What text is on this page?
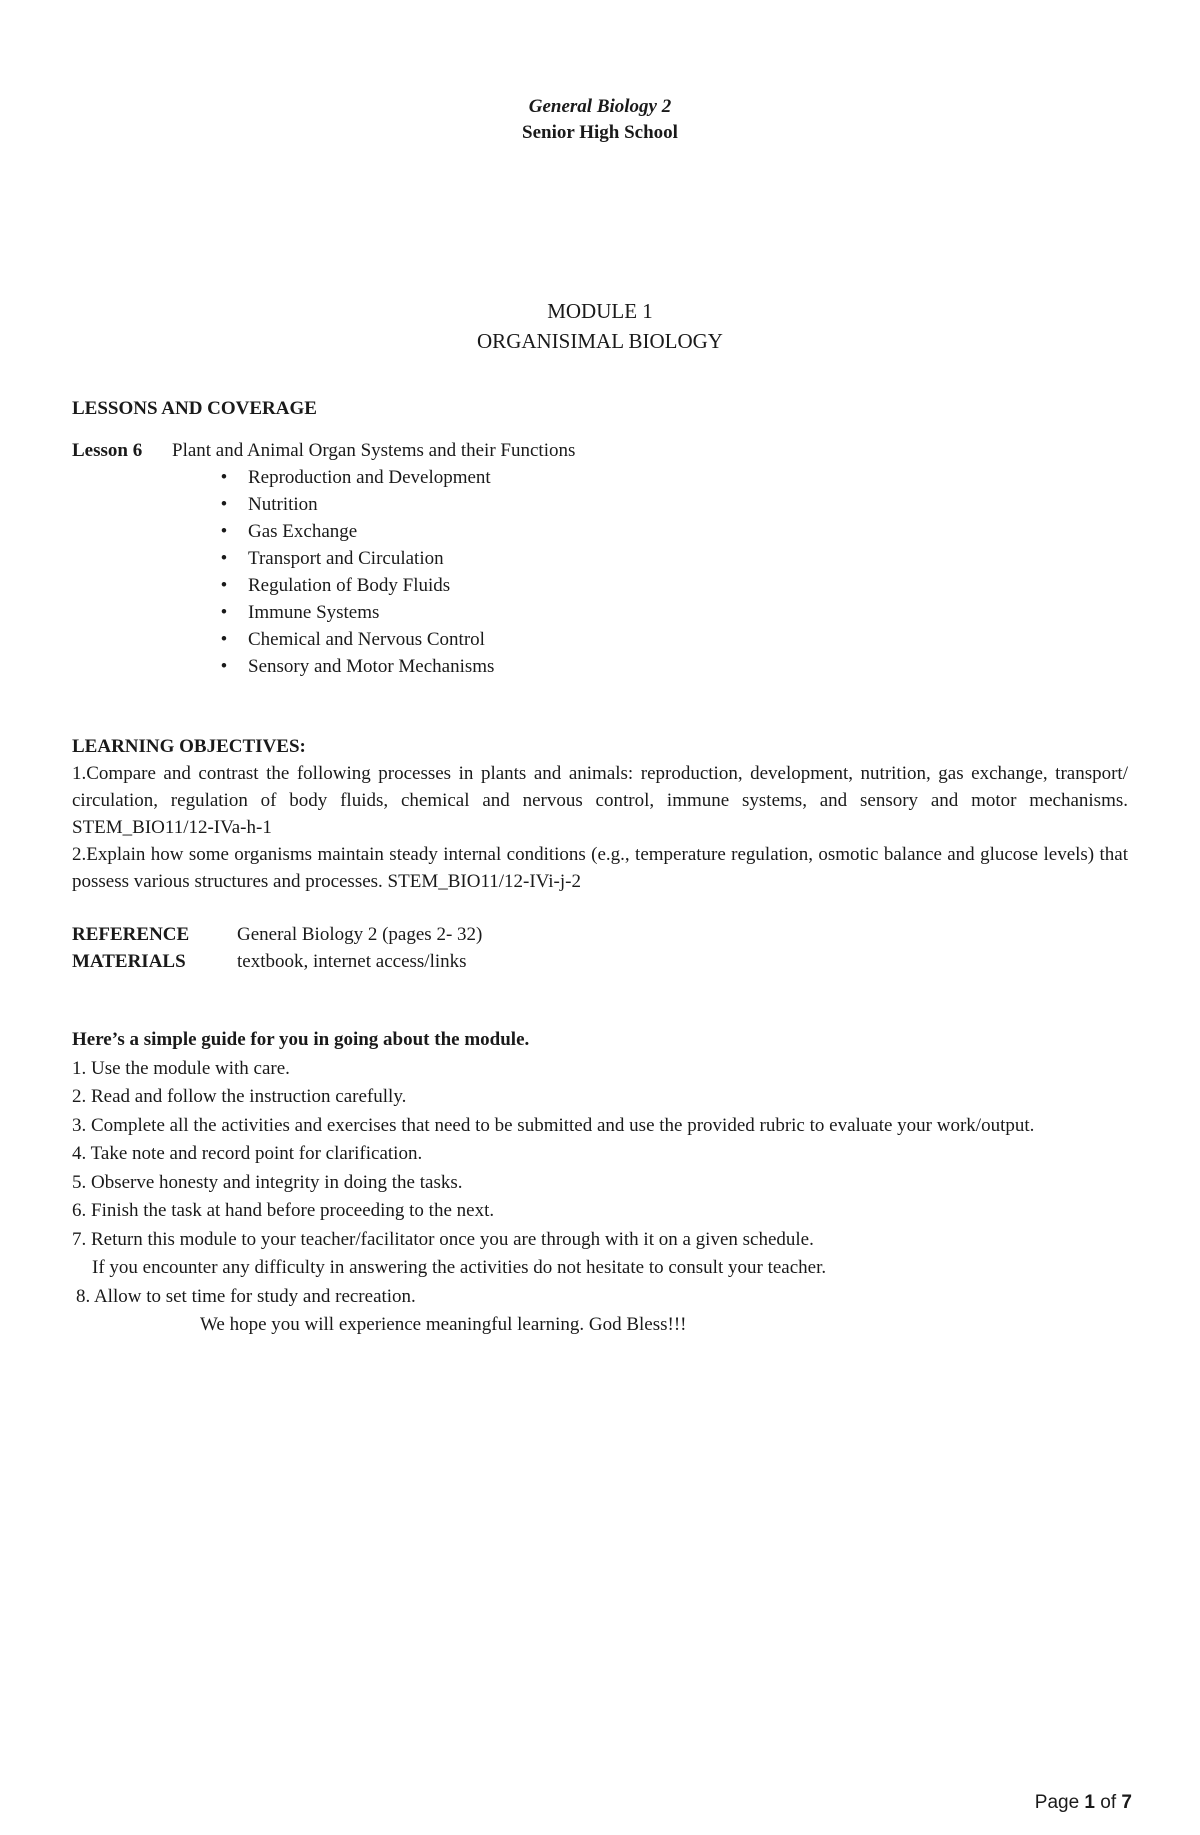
General Biology 2
Senior High School
MODULE 1
ORGANISIMAL BIOLOGY
LESSONS AND COVERAGE
Lesson 6 Plant and Animal Organ Systems and their Functions
•	Reproduction and Development
•	Nutrition
•	Gas Exchange
•	Transport and Circulation
•	Regulation of Body Fluids
•	Immune Systems
•	Chemical and Nervous Control
•	Sensory and Motor Mechanisms
LEARNING OBJECTIVES:

1.Compare and contrast the following processes in plants and animals: reproduction, development, nutrition, gas exchange, transport/ circulation, regulation of body fluids, chemical and nervous control, immune systems, and sensory and motor mechanisms. STEM_BIO11/12-IVa-h-1

2.Explain how some organisms maintain steady internal conditions (e.g., temperature regulation, osmotic balance and glucose levels) that possess various structures and processes. STEM_BIO11/12-IVi-j-2

REFERENCE	General Biology 2 (pages 2- 32)
MATERIALS	textbook, internet access/links

Here’s a simple guide for you in going about the module.

1. Use the module with care.

2. Read and follow the instruction carefully.

3. Complete all the activities and exercises that need to be submitted and use the provided rubric to evaluate your work/output.

4. Take note and record point for clarification.

5. Observe honesty and integrity in doing the tasks.

6. Finish the task at hand before proceeding to the next.

7. Return this module to your teacher/facilitator once you are through with it on a given schedule.

If you encounter any difficulty in answering the activities do not hesitate to consult your teacher.

8. Allow to set time for study and recreation.

We hope you will experience meaningful learning. God Bless!!!

Page 1 of 7
